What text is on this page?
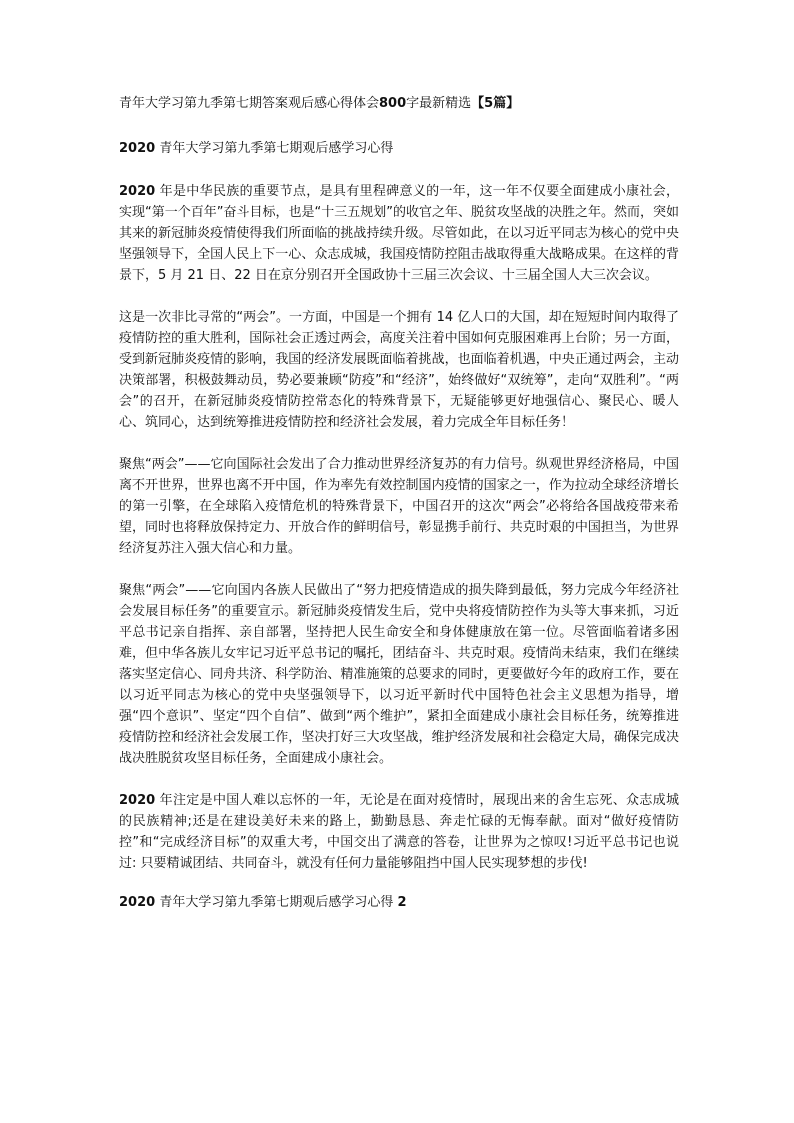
青年大学习第九季第七期答案观后感心得体会800字最新精选【5篇】
2020 青年大学习第九季第七期观后感学习心得

2020 年是中华民族的重要节点，是具有里程碑意义的一年，这一年不仅要全面建成小康社会，实现“第一个百年”奋斗目标，也是“十三五规划”的收官之年、脱贫攻坚战的决胜之年。然而，突如其来的新冠肺炎疫情使得我们所面临的挑战持续升级。尽管如此，在以习近平同志为核心的党中央坚强领导下，全国人民上下一心、众志成城，我国疫情防控阻击战取得重大战略成果。在这样的背景下，5 月 21 日、22 日在京分别召开全国政协十三届三次会议、十三届全国人大三次会议。

这是一次非比寻常的“两会”。一方面，中国是一个拥有 14 亿人口的大国，却在短短时间内取得了疫情防控的重大胜利，国际社会正透过两会，高度关注着中国如何克服困难再上台阶；另一方面，受到新冠肺炎疫情的影响，我国的经济发展既面临着挑战，也面临着机遇，中央正通过两会，主动决策部署，积极鼓舞动员，势必要兼顾“防疫”和“经济”，始终做好“双统筹”，走向“双胜利”。“两会”的召开，在新冠肺炎疫情防控常态化的特殊背景下，无疑能够更好地强信心、聚民心、暖人心、筑同心，达到统筹推进疫情防控和经济社会发展，着力完成全年目标任务！

聚焦“两会”——它向国际社会发出了合力推动世界经济复苏的有力信号。纵观世界经济格局，中国离不开世界，世界也离不开中国，作为率先有效控制国内疫情的国家之一，作为拉动全球经济增长的第一引擎，在全球陷入疫情危机的特殊背景下，中国召开的这次“两会”必将给各国战疫带来希望，同时也将释放保持定力、开放合作的鲜明信号，彰显携手前行、共克时艰的中国担当，为世界经济复苏注入强大信心和力量。

聚焦“两会”——它向国内各族人民做出了“努力把疫情造成的损失降到最低，努力完成今年经济社会发展目标任务”的重要宣示。新冠肺炎疫情发生后，党中央将疫情防控作为头等大事来抓，习近平总书记亲自指挥、亲自部署，坚持把人民生命安全和身体健康放在第一位。尽管面临着诸多困难，但中华各族儿女牢记习近平总书记的嘱托，团结奋斗、共克时艰。疫情尚未结束，我们在继续落实坚定信心、同舟共济、科学防治、精准施策的总要求的同时，更要做好今年的政府工作，要在以习近平同志为核心的党中央坚强领导下，以习近平新时代中国特色社会主义思想为指导，增强“四个意识”、坚定“四个自信”、做到“两个维护”，紧扣全面建成小康社会目标任务，统筹推进疫情防控和经济社会发展工作，坚决打好三大攻坚战，维护经济发展和社会稳定大局，确保完成决战决胜脱贫攻坚目标任务，全面建成小康社会。

2020 年注定是中国人难以忘怀的一年，无论是在面对疫情时，展现出来的舍生忘死、众志成城的民族精神;还是在建设美好未来的路上，勤勤恳恳、奔走忙碌的无悔奉献。面对“做好疫情防控”和“完成经济目标”的双重大考，中国交出了满意的答卷，让世界为之惊叹!习近平总书记也说过: 只要精诚团结、共同奋斗，就没有任何力量能够阻挡中国人民实现梦想的步伐!

2020 青年大学习第九季第七期观后感学习心得 2
